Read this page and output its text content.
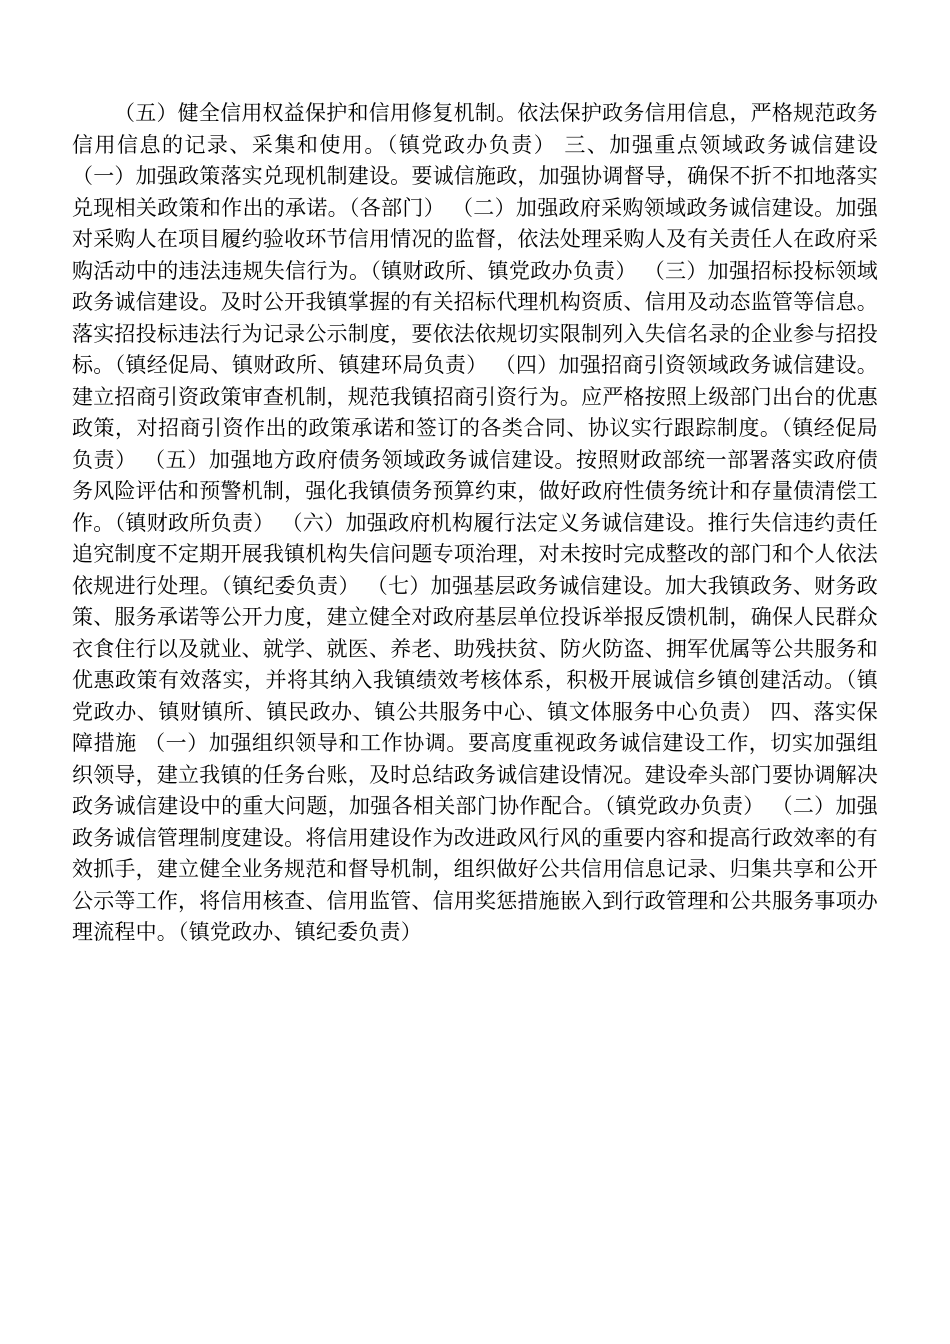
（五）健全信用权益保护和信用修复机制。依法保护政务信用信息，严格规范政务信用信息的记录、采集和使用。（镇党政办负责） 三、加强重点领域政务诚信建设 （一）加强政策落实兑现机制建设。要诚信施政，加强协调督导，确保不折不扣地落实兑现相关政策和作出的承诺。（各部门） （二）加强政府采购领域政务诚信建设。加强对采购人在项目履约验收环节信用情况的监督，依法处理采购人及有关责任人在政府采购活动中的违法违规失信行为。（镇财政所、镇党政办负责） （三）加强招标投标领域政务诚信建设。及时公开我镇掌握的有关招标代理机构资质、信用及动态监管等信息。落实招投标违法行为记录公示制度，要依法依规切实限制列入失信名录的企业参与招投标。（镇经促局、镇财政所、镇建环局负责） （四）加强招商引资领域政务诚信建设。建立招商引资政策审查机制，规范我镇招商引资行为。应严格按照上级部门出台的优惠政策，对招商引资作出的政策承诺和签订的各类合同、协议实行跟踪制度。（镇经促局负责） （五）加强地方政府债务领域政务诚信建设。按照财政部统一部署落实政府债务风险评估和预警机制，强化我镇债务预算约束，做好政府性债务统计和存量债清偿工作。（镇财政所负责） （六）加强政府机构履行法定义务诚信建设。推行失信违约责任追究制度不定期开展我镇机构失信问题专项治理，对未按时完成整改的部门和个人依法依规进行处理。（镇纪委负责） （七）加强基层政务诚信建设。加大我镇政务、财务政策、服务承诺等公开力度，建立健全对政府基层单位投诉举报反馈机制，确保人民群众衣食住行以及就业、就学、就医、养老、助残扶贫、防火防盗、拥军优属等公共服务和优惠政策有效落实，并将其纳入我镇绩效考核体系，积极开展诚信乡镇创建活动。（镇党政办、镇财镇所、镇民政办、镇公共服务中心、镇文体服务中心负责） 四、落实保障措施 （一）加强组织领导和工作协调。要高度重视政务诚信建设工作，切实加强组织领导，建立我镇的任务台账，及时总结政务诚信建设情况。建设牵头部门要协调解决政务诚信建设中的重大问题，加强各相关部门协作配合。（镇党政办负责） （二）加强政务诚信管理制度建设。将信用建设作为改进政风行风的重要内容和提高行政效率的有效抓手，建立健全业务规范和督导机制，组织做好公共信用信息记录、归集共享和公开公示等工作，将信用核查、信用监管、信用奖惩措施嵌入到行政管理和公共服务事项办理流程中。（镇党政办、镇纪委负责）
